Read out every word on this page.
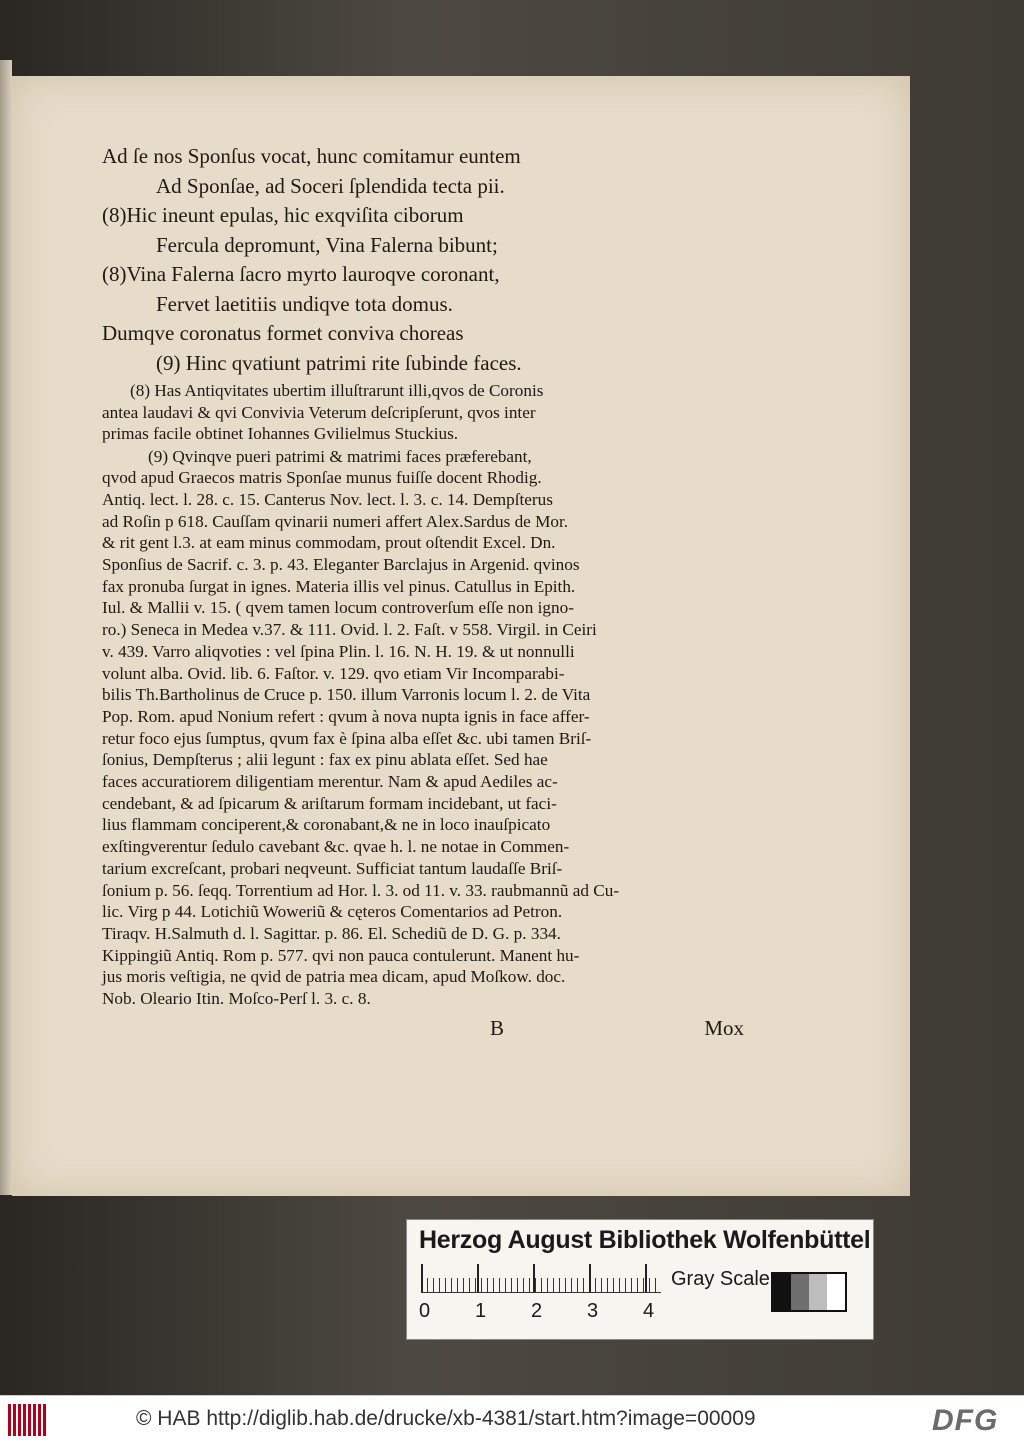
Ad ſe nos Sponſus vocat, hunc comitamur euntem

Ad Sponſae, ad Soceri ſplendida tecta pii.

(8)Hic ineunt epulas, hic exqviſita ciborum

Fercula depromunt, Vina Falerna bibunt;

(8)Vina Falerna ſacro myrto lauroqve coronant,

Fervet laetitiis undiqve tota domus.

Dumqve coronatus formet conviva choreas

(9) Hinc qvatiunt patrimi rite ſubinde faces.

(8) Has Antiqvitates ubertim illuſtrarunt illi,qvos de Coronis

antea laudavi & qvi Convivia Veterum deſcripſerunt, qvos inter

primas facile obtinet Iohannes Gvilielmus Stuckius.

(9) Qvinqve pueri patrimi & matrimi faces præferebant,

qvod apud Graecos matris Sponſae munus fuiſſe docent Rhodig.

Antiq. lect. l. 28. c. 15. Canterus Nov. lect. l. 3. c. 14. Dempſterus

ad Roſin p 618. Cauſſam qvinarii numeri affert Alex.Sardus de Mor.

& rit gent l.3. at eam minus commodam, prout oſtendit Excel. Dn.

Sponſius de Sacrif. c. 3. p. 43. Eleganter Barclajus in Argenid. qvinos

fax pronuba ſurgat in ignes. Materia illis vel pinus. Catullus in Epith.

Iul. & Mallii v. 15. ( qvem tamen locum controverſum eſſe non igno-

ro.) Seneca in Medea v.37. & 111. Ovid. l. 2. Faſt. v 558. Virgil. in Ceiri

v. 439. Varro aliqvoties : vel ſpina Plin. l. 16. N. H. 19. & ut nonnulli

volunt alba. Ovid. lib. 6. Faſtor. v. 129. qvo etiam Vir Incomparabi-

bilis Th.Bartholinus de Cruce p. 150. illum Varronis locum l. 2. de Vita

Pop. Rom. apud Nonium refert : qvum à nova nupta ignis in face affer-

retur foco ejus ſumptus, qvum fax è ſpina alba eſſet &c. ubi tamen Briſ-

ſonius, Dempſterus ; alii legunt : fax ex pinu ablata eſſet. Sed hae

faces accuratiorem diligentiam merentur. Nam & apud Aediles ac-

cendebant, & ad ſpicarum & ariſtarum formam incidebant, ut faci-

lius flammam conciperent,& coronabant,& ne in loco inauſpicato

exſtingverentur ſedulo cavebant &c. qvae h. l. ne notae in Commen-

tarium excreſcant, probari neqveunt. Sufficiat tantum laudaſſe Briſ-

ſonium p. 56. ſeqq. Torrentium ad Hor. l. 3. od 11. v. 33. raubmannũ ad Cu-

lic. Virg p 44. Lotichiũ Woweriũ & cęteros Comentarios ad Petron.

Tiraqv. H.Salmuth d. l. Sagittar. p. 86. El. Schediũ de D. G. p. 334.

Kippingiũ Antiq. Rom p. 577. qvi non pauca contulerunt. Manent hu-

jus moris veſtigia, ne qvid de patria mea dicam, apud Moſkow. doc.

Nob. Oleario Itin. Moſco-Perſ l. 3. c. 8.

B	Mox
Herzog August Bibliothek Wolfenbüttel
0 1 2 3 4
Gray Scale
© HAB http://diglib.hab.de/drucke/xb-4381/start.htm?image=00009	DFG
